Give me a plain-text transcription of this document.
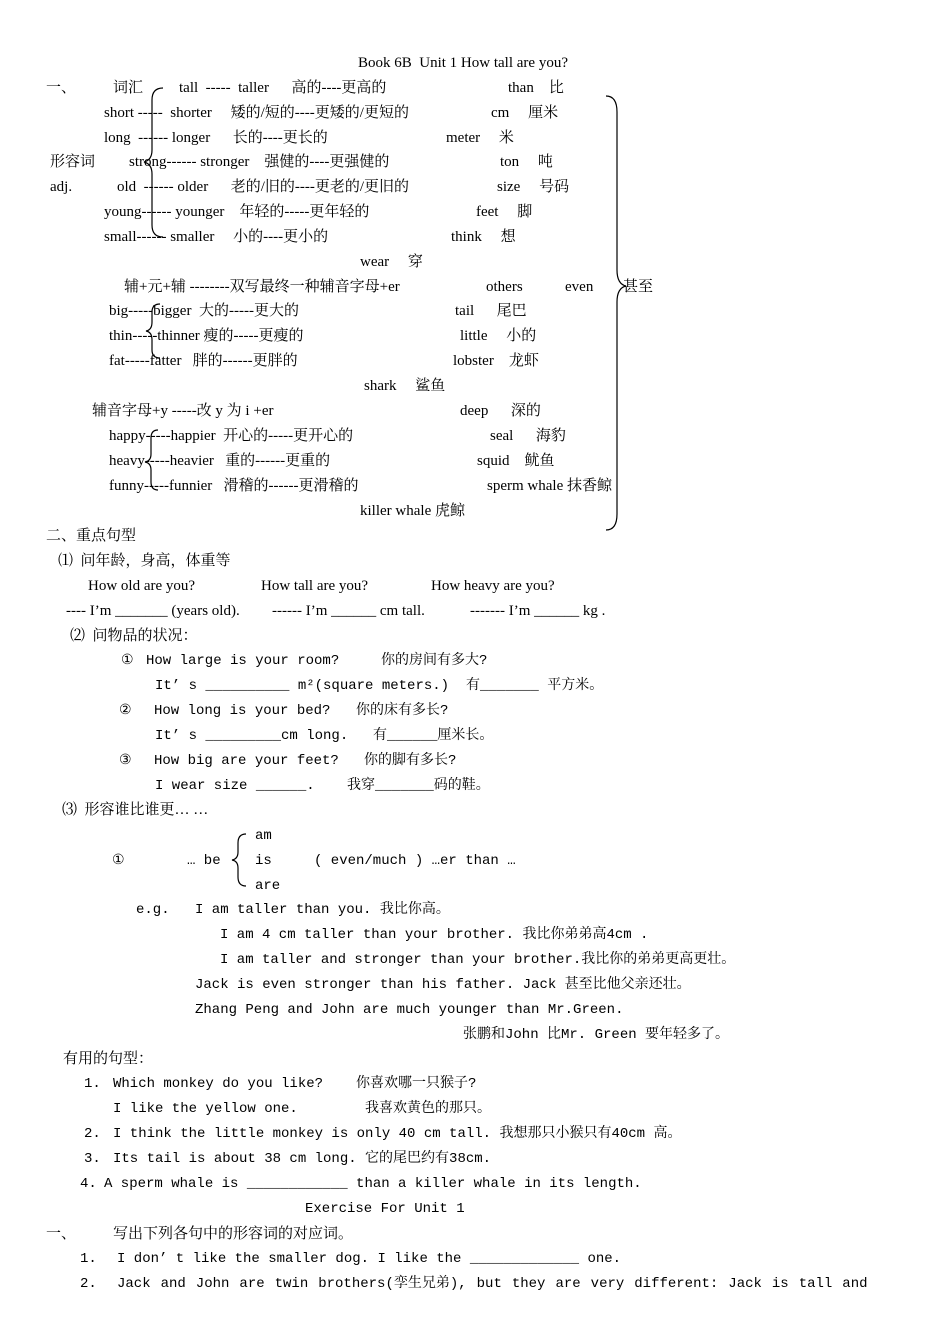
Book 6B  Unit 1 How tall are you?
一、 词汇
形容词
adj.
tall  -----  taller      高的----更高的
short -----  shorter     矮的/短的----更矮的/更短的
long  ------ longer      长的----更长的
strong------ stronger    强健的----更强健的
old  ------ older      老的/旧的----更老的/更旧的
young------ younger    年轻的-----更年轻的
small------ smaller     小的----更小的
辅+元+辅 --------双写最终一种辅音字母+er
big-----bigger  大的-----更大的
thin-----thinner 瘦的-----更瘦的
fat-----fatter   胖的------更胖的
辅音字母+y -----改 y 为 i +er
happy-----happier  开心的-----更开心的
heavy-----heavier   重的------更重的
funny-----funnier   滑稽的------更滑稽的
than    比
cm     厘米
meter     米
ton     吨
size     号码
feet     脚
think     想
wear     穿
others	even 甚至
tail      尾巴
little     小的
lobster    龙虾
shark     鲨鱼
deep      深的
seal      海豹
squid    鱿鱼
sperm whale 抹香鲸
killer whale 虎鲸
二、重点句型
⑴  问年龄，身高，体重等
How old are you?	How tall are you?	How heavy are you?
---- I’m _______ (years old). ------ I’m ______ cm tall.	------- I’m ______ kg .
⑵  问物品的状况：
① How large is your room?	你的房间有多大?
It’ s __________ m²(square meters.) 有_______ 平方米。
② How long is your bed? 你的床有多长?
It’ s _________cm long. 有______厘米长。
③ How big are your feet? 你的脚有多长?
I wear size ______. 我穿_______码的鞋。
⑶  形容谁比谁更… …
①	… be
am
is
are
( even/much ) …er than …
e.g. I am taller than you. 我比你高。
I am 4 cm taller than your brother. 我比你弟弟高4cm .
I am taller and stronger than your brother.我比你的弟弟更高更壮。
Jack is even stronger than his father. Jack 甚至比他父亲还壮。
Zhang Peng and John are much younger than Mr.Green.
张鹏和John 比Mr. Green 要年轻多了。
有用的句型：
1. Which monkey do you like? 你喜欢哪一只猴子?
I like the yellow one.	我喜欢黄色的那只。
2. I think the little monkey is only 40 cm tall. 我想那只小猴只有40cm 高。
3. Its tail is about 38 cm long. 它的尾巴约有38cm.
4. A sperm whale is ____________ than a killer whale in its length.
Exercise For Unit 1
一、 写出下列各句中的形容词的对应词。
1. I don’ t like the smaller dog. I like the _____________ one.
2. Jack and John are twin brothers(孪生兄弟), but they are very different: Jack is tall and
